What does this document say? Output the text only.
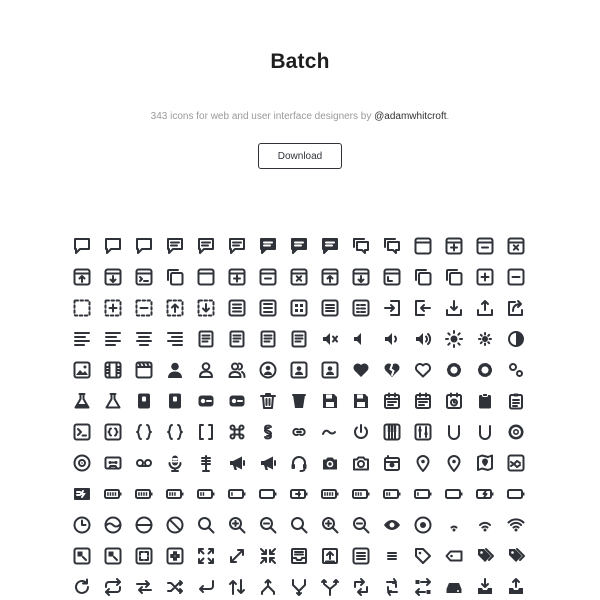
Batch
343 icons for web and user interface designers by @adamwhitcroft.
Download
